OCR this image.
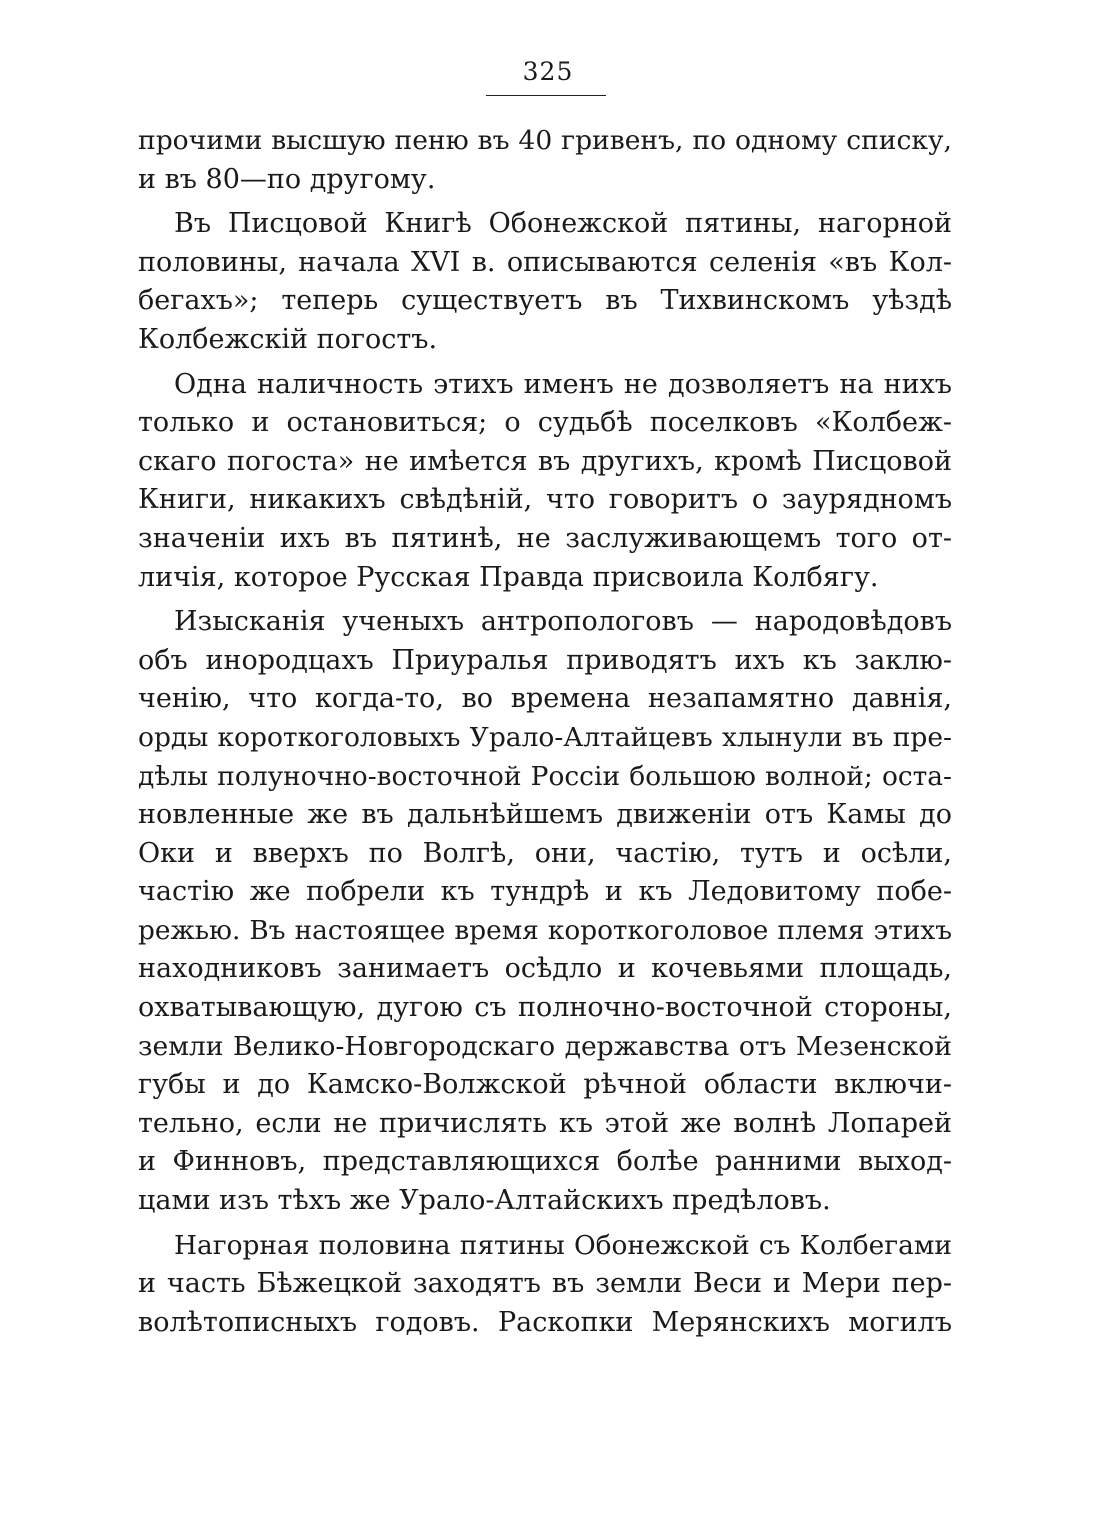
325
прочими высшую пеню въ 40 гривенъ, по одному списку,
и въ 80—по другому.
Въ Писцовой Книгѣ Обонежской пятины, нагорной
половины, начала XVI в. описываются селенія «въ Кол-
бегахъ»; теперь существуетъ въ Тихвинскомъ уѣздѣ
Колбежскій погостъ.
Одна наличность этихъ именъ не дозволяетъ на нихъ
только и остановиться; о судьбѣ поселковъ «Колбеж-
скаго погоста» не имѣется въ другихъ, кромѣ Писцовой
Книги, никакихъ свѣдѣній, что говоритъ о заурядномъ
значеніи ихъ въ пятинѣ, не заслуживающемъ того от-
личія, которое Русская Правда присвоила Колбягу.
Изысканія ученыхъ антропологовъ — народовѣдовъ
объ инородцахъ Приуралья приводятъ ихъ къ заклю-
ченію, что когда-то, во времена незапамятно давнія,
орды короткоголовыхъ Урало-Алтайцевъ хлынули въ пре-
дѣлы полуночно-восточной Россіи большою волной; оста-
новленные же въ дальнѣйшемъ движеніи отъ Камы до
Оки и вверхъ по Волгѣ, они, частію, тутъ и осѣли,
частію же побрели къ тундрѣ и къ Ледовитому побе-
режью. Въ настоящее время короткоголовое племя этихъ
находниковъ занимаетъ осѣдло и кочевьями площадь,
охватывающую, дугою съ полночно-восточной стороны,
земли Велико-Новгородскаго державства отъ Мезенской
губы и до Камско-Волжской рѣчной области включи-
тельно, если не причислять къ этой же волнѣ Лопарей
и Финновъ, представляющихся болѣе ранними выход-
цами изъ тѣхъ же Урало-Алтайскихъ предѣловъ.
Нагорная половина пятины Обонежской съ Колбегами
и часть Бѣжецкой заходятъ въ земли Веси и Мери пер-
волѣтописныхъ годовъ. Раскопки Мерянскихъ могилъ
